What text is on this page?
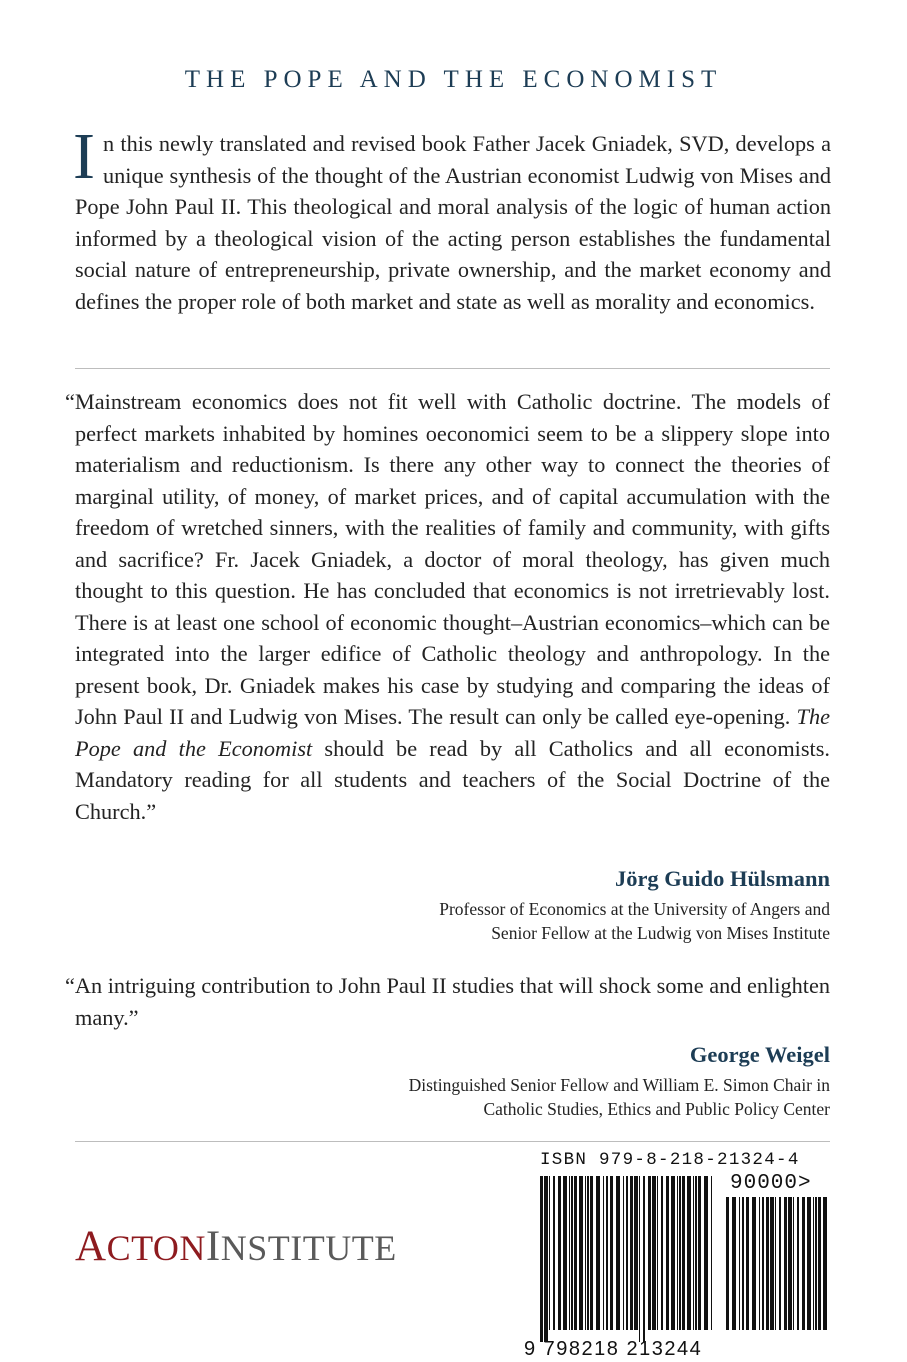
THE POPE AND THE ECONOMIST
In this newly translated and revised book Father Jacek Gniadek, SVD, develops a unique synthesis of the thought of the Austrian economist Ludwig von Mises and Pope John Paul II. This theological and moral analysis of the logic of human action informed by a theological vision of the acting person establishes the fundamental social nature of entrepreneurship, private ownership, and the market economy and defines the proper role of both market and state as well as morality and economics.
“Mainstream economics does not fit well with Catholic doctrine. The models of perfect markets inhabited by homines oeconomici seem to be a slippery slope into materialism and reductionism. Is there any other way to connect the theories of marginal utility, of money, of market prices, and of capital accumulation with the freedom of wretched sinners, with the realities of family and community, with gifts and sacrifice? Fr. Jacek Gniadek, a doctor of moral theology, has given much thought to this question. He has concluded that economics is not irretrievably lost. There is at least one school of economic thought–Austrian economics–which can be integrated into the larger edifice of Catholic theology and anthropology. In the present book, Dr. Gniadek makes his case by studying and comparing the ideas of John Paul II and Ludwig von Mises. The result can only be called eye-opening. The Pope and the Economist should be read by all Catholics and all economists. Mandatory reading for all students and teachers of the Social Doctrine of the Church.”
Jörg Guido Hülsmann
Professor of Economics at the University of Angers and
Senior Fellow at the Ludwig von Mises Institute
“An intriguing contribution to John Paul II studies that will shock some and enlighten many.”
George Weigel
Distinguished Senior Fellow and William E. Simon Chair in
Catholic Studies, Ethics and Public Policy Center
ACTONINSTITUTE
ISBN 979-8-218-21324-4
90000>
9 798218 213244
